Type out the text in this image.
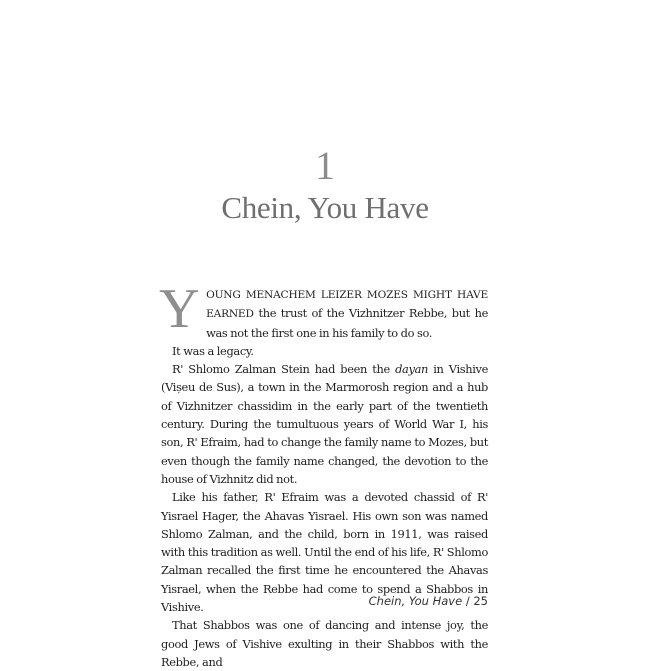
1
Chein, You Have

YOUNG MENACHEM LEIZER MOZES MIGHT HAVE EARNED the trust of the Vizhnitzer Rebbe, but he was not the first one in his family to do so.

It was a legacy.

R' Shlomo Zalman Stein had been the dayan in Vishive (Vișeu de Sus), a town in the Marmorosh region and a hub of Vizhnitzer chassidim in the early part of the twentieth century. During the tumultuous years of World War I, his son, R' Efraim, had to change the family name to Mozes, but even though the family name changed, the devotion to the house of Vizhnitz did not.

Like his father, R' Efraim was a devoted chassid of R' Yisrael Hager, the Ahavas Yisrael. His own son was named Shlomo Zalman, and the child, born in 1911, was raised with this tradition as well. Until the end of his life, R' Shlomo Zalman recalled the first time he encountered the Ahavas Yisrael, when the Rebbe had come to spend a Shabbos in Vishive.

That Shabbos was one of dancing and intense joy, the good Jews of Vishive exulting in their Shabbos with the Rebbe, and

Chein, You Have / 25
